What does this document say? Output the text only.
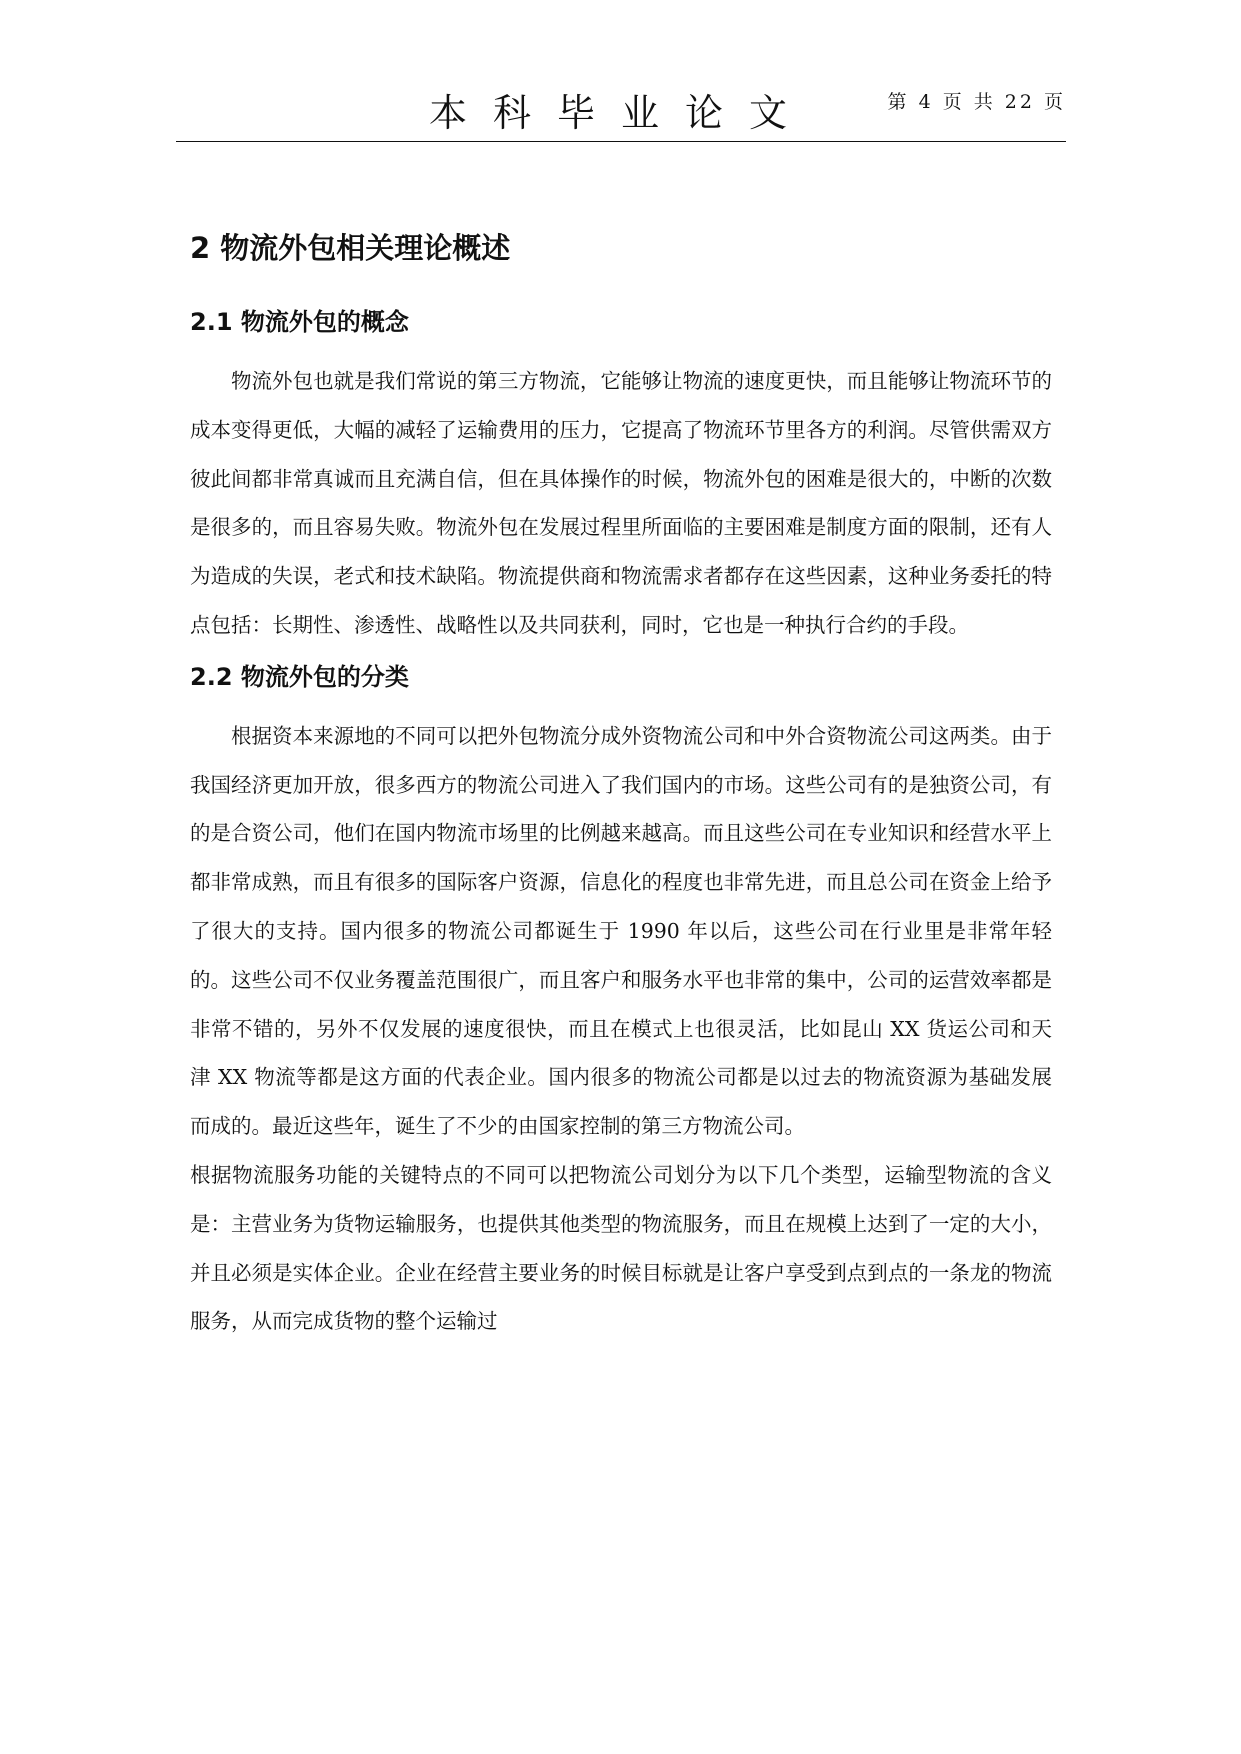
本科毕业论文	第 4 页 共 22 页
2 物流外包相关理论概述
2.1 物流外包的概念

物流外包也就是我们常说的第三方物流，它能够让物流的速度更快，而且能够让物流环节的成本变得更低，大幅的减轻了运输费用的压力，它提高了物流环节里各方的利润。尽管供需双方彼此间都非常真诚而且充满自信，但在具体操作的时候，物流外包的困难是很大的，中断的次数是很多的，而且容易失败。物流外包在发展过程里所面临的主要困难是制度方面的限制，还有人为造成的失误，老式和技术缺陷。物流提供商和物流需求者都存在这些因素，这种业务委托的特点包括：长期性、渗透性、战略性以及共同获利，同时，它也是一种执行合约的手段。

2.2 物流外包的分类

根据资本来源地的不同可以把外包物流分成外资物流公司和中外合资物流公司这两类。由于我国经济更加开放，很多西方的物流公司进入了我们国内的市场。这些公司有的是独资公司，有的是合资公司，他们在国内物流市场里的比例越来越高。而且这些公司在专业知识和经营水平上都非常成熟，而且有很多的国际客户资源，信息化的程度也非常先进，而且总公司在资金上给予了很大的支持。国内很多的物流公司都诞生于 1990 年以后，这些公司在行业里是非常年轻的。这些公司不仅业务覆盖范围很广，而且客户和服务水平也非常的集中，公司的运营效率都是非常不错的，另外不仅发展的速度很快，而且在模式上也很灵活，比如昆山 XX 货运公司和天津 XX 物流等都是这方面的代表企业。国内很多的物流公司都是以过去的物流资源为基础发展而成的。最近这些年，诞生了不少的由国家控制的第三方物流公司。

根据物流服务功能的关键特点的不同可以把物流公司划分为以下几个类型，运输型物流的含义是：主营业务为货物运输服务，也提供其他类型的物流服务，而且在规模上达到了一定的大小，并且必须是实体企业。企业在经营主要业务的时候目标就是让客户享受到点到点的一条龙的物流服务，从而完成货物的整个运输过
